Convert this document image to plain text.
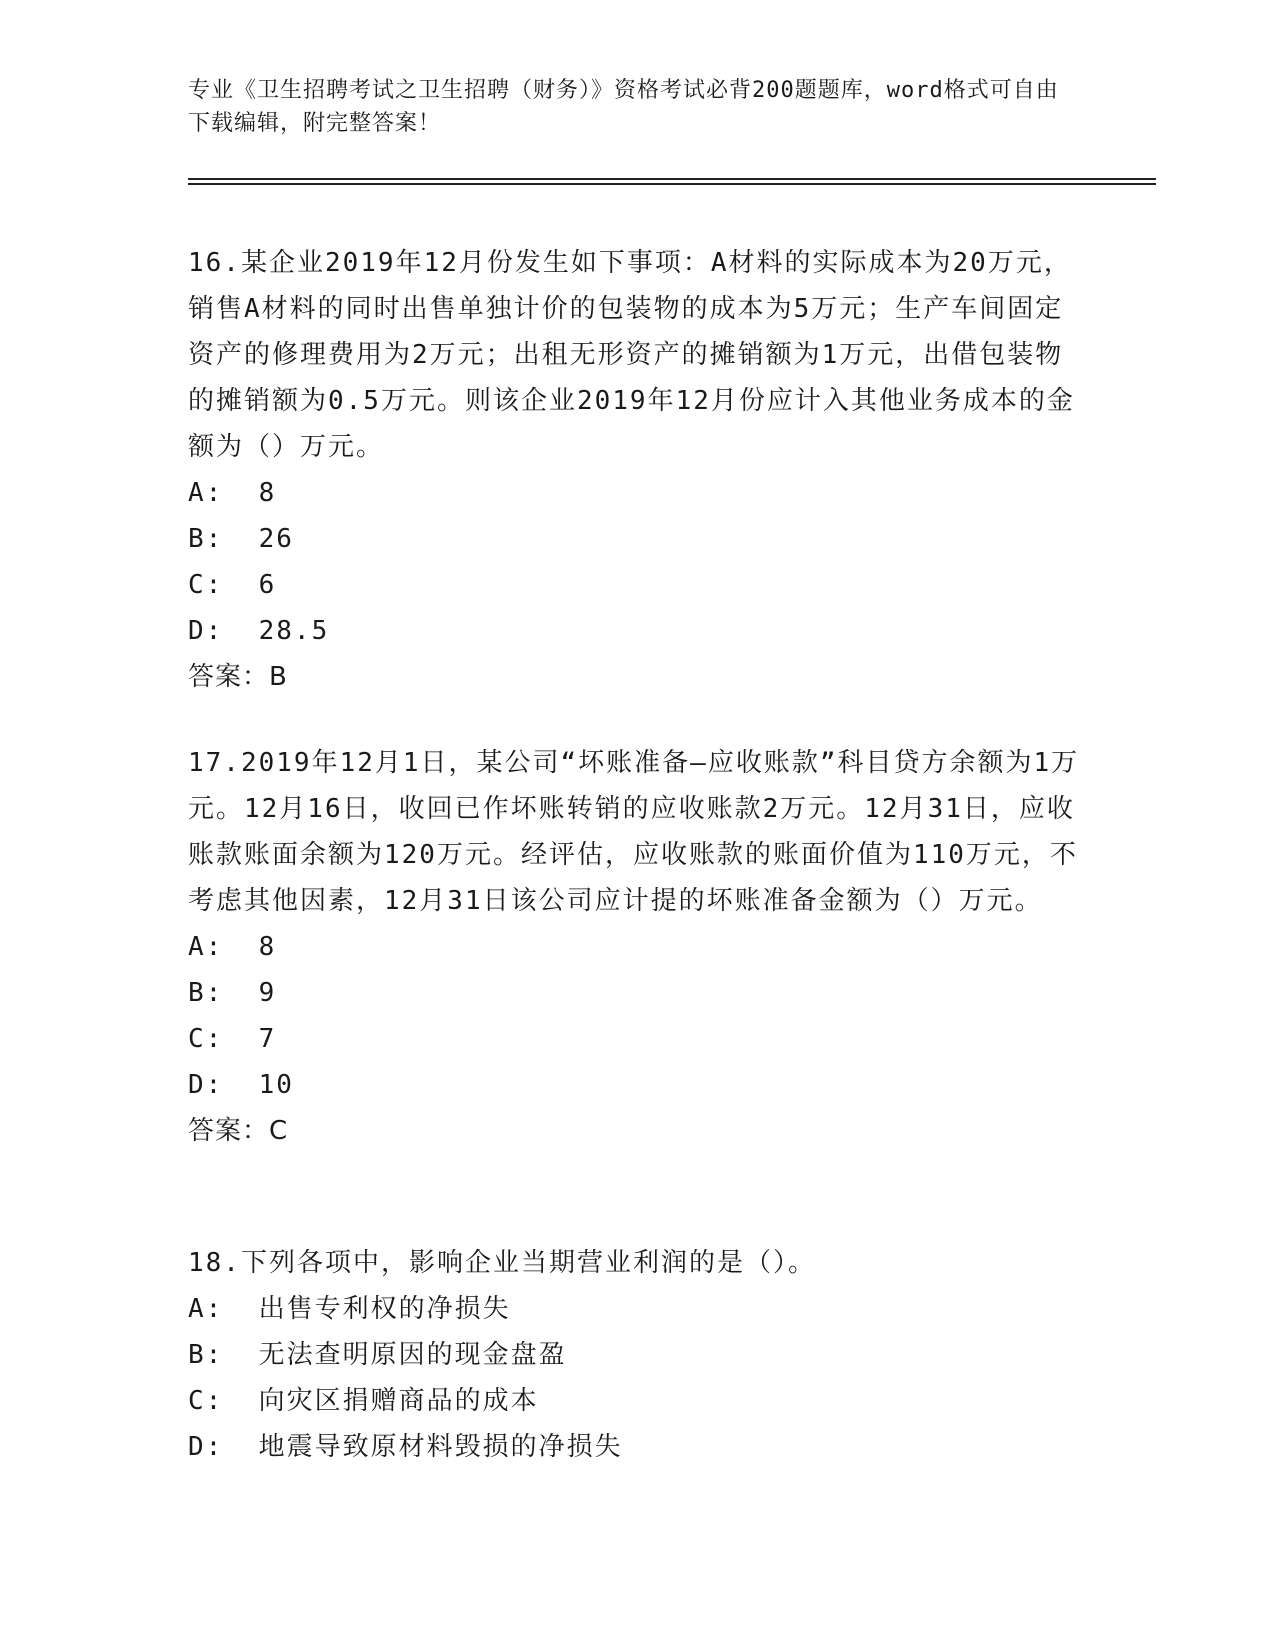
专业《卫生招聘考试之卫生招聘（财务）》资格考试必背200题题库，word格式可自由下载编辑，附完整答案！

16.某企业2019年12月份发生如下事项：A材料的实际成本为20万元，销售A材料的同时出售单独计价的包装物的成本为5万元；生产车间固定资产的修理费用为2万元；出租无形资产的摊销额为1万元，出借包装物的摊销额为0.5万元。则该企业2019年12月份应计入其他业务成本的金额为（）万元。

A:  8

B:  26

C:  6

D:  28.5

答案：B

17.2019年12月1日，某公司“坏账准备—应收账款”科目贷方余额为1万元。12月16日，收回已作坏账转销的应收账款2万元。12月31日，应收账款账面余额为120万元。经评估，应收账款的账面价值为110万元，不考虑其他因素，12月31日该公司应计提的坏账准备金额为（）万元。

A:  8

B:  9

C:  7

D:  10

答案：C

18.下列各项中，影响企业当期营业利润的是（）。

A:  出售专利权的净损失

B:  无法查明原因的现金盘盈

C:  向灾区捐赠商品的成本

D:  地震导致原材料毁损的净损失
